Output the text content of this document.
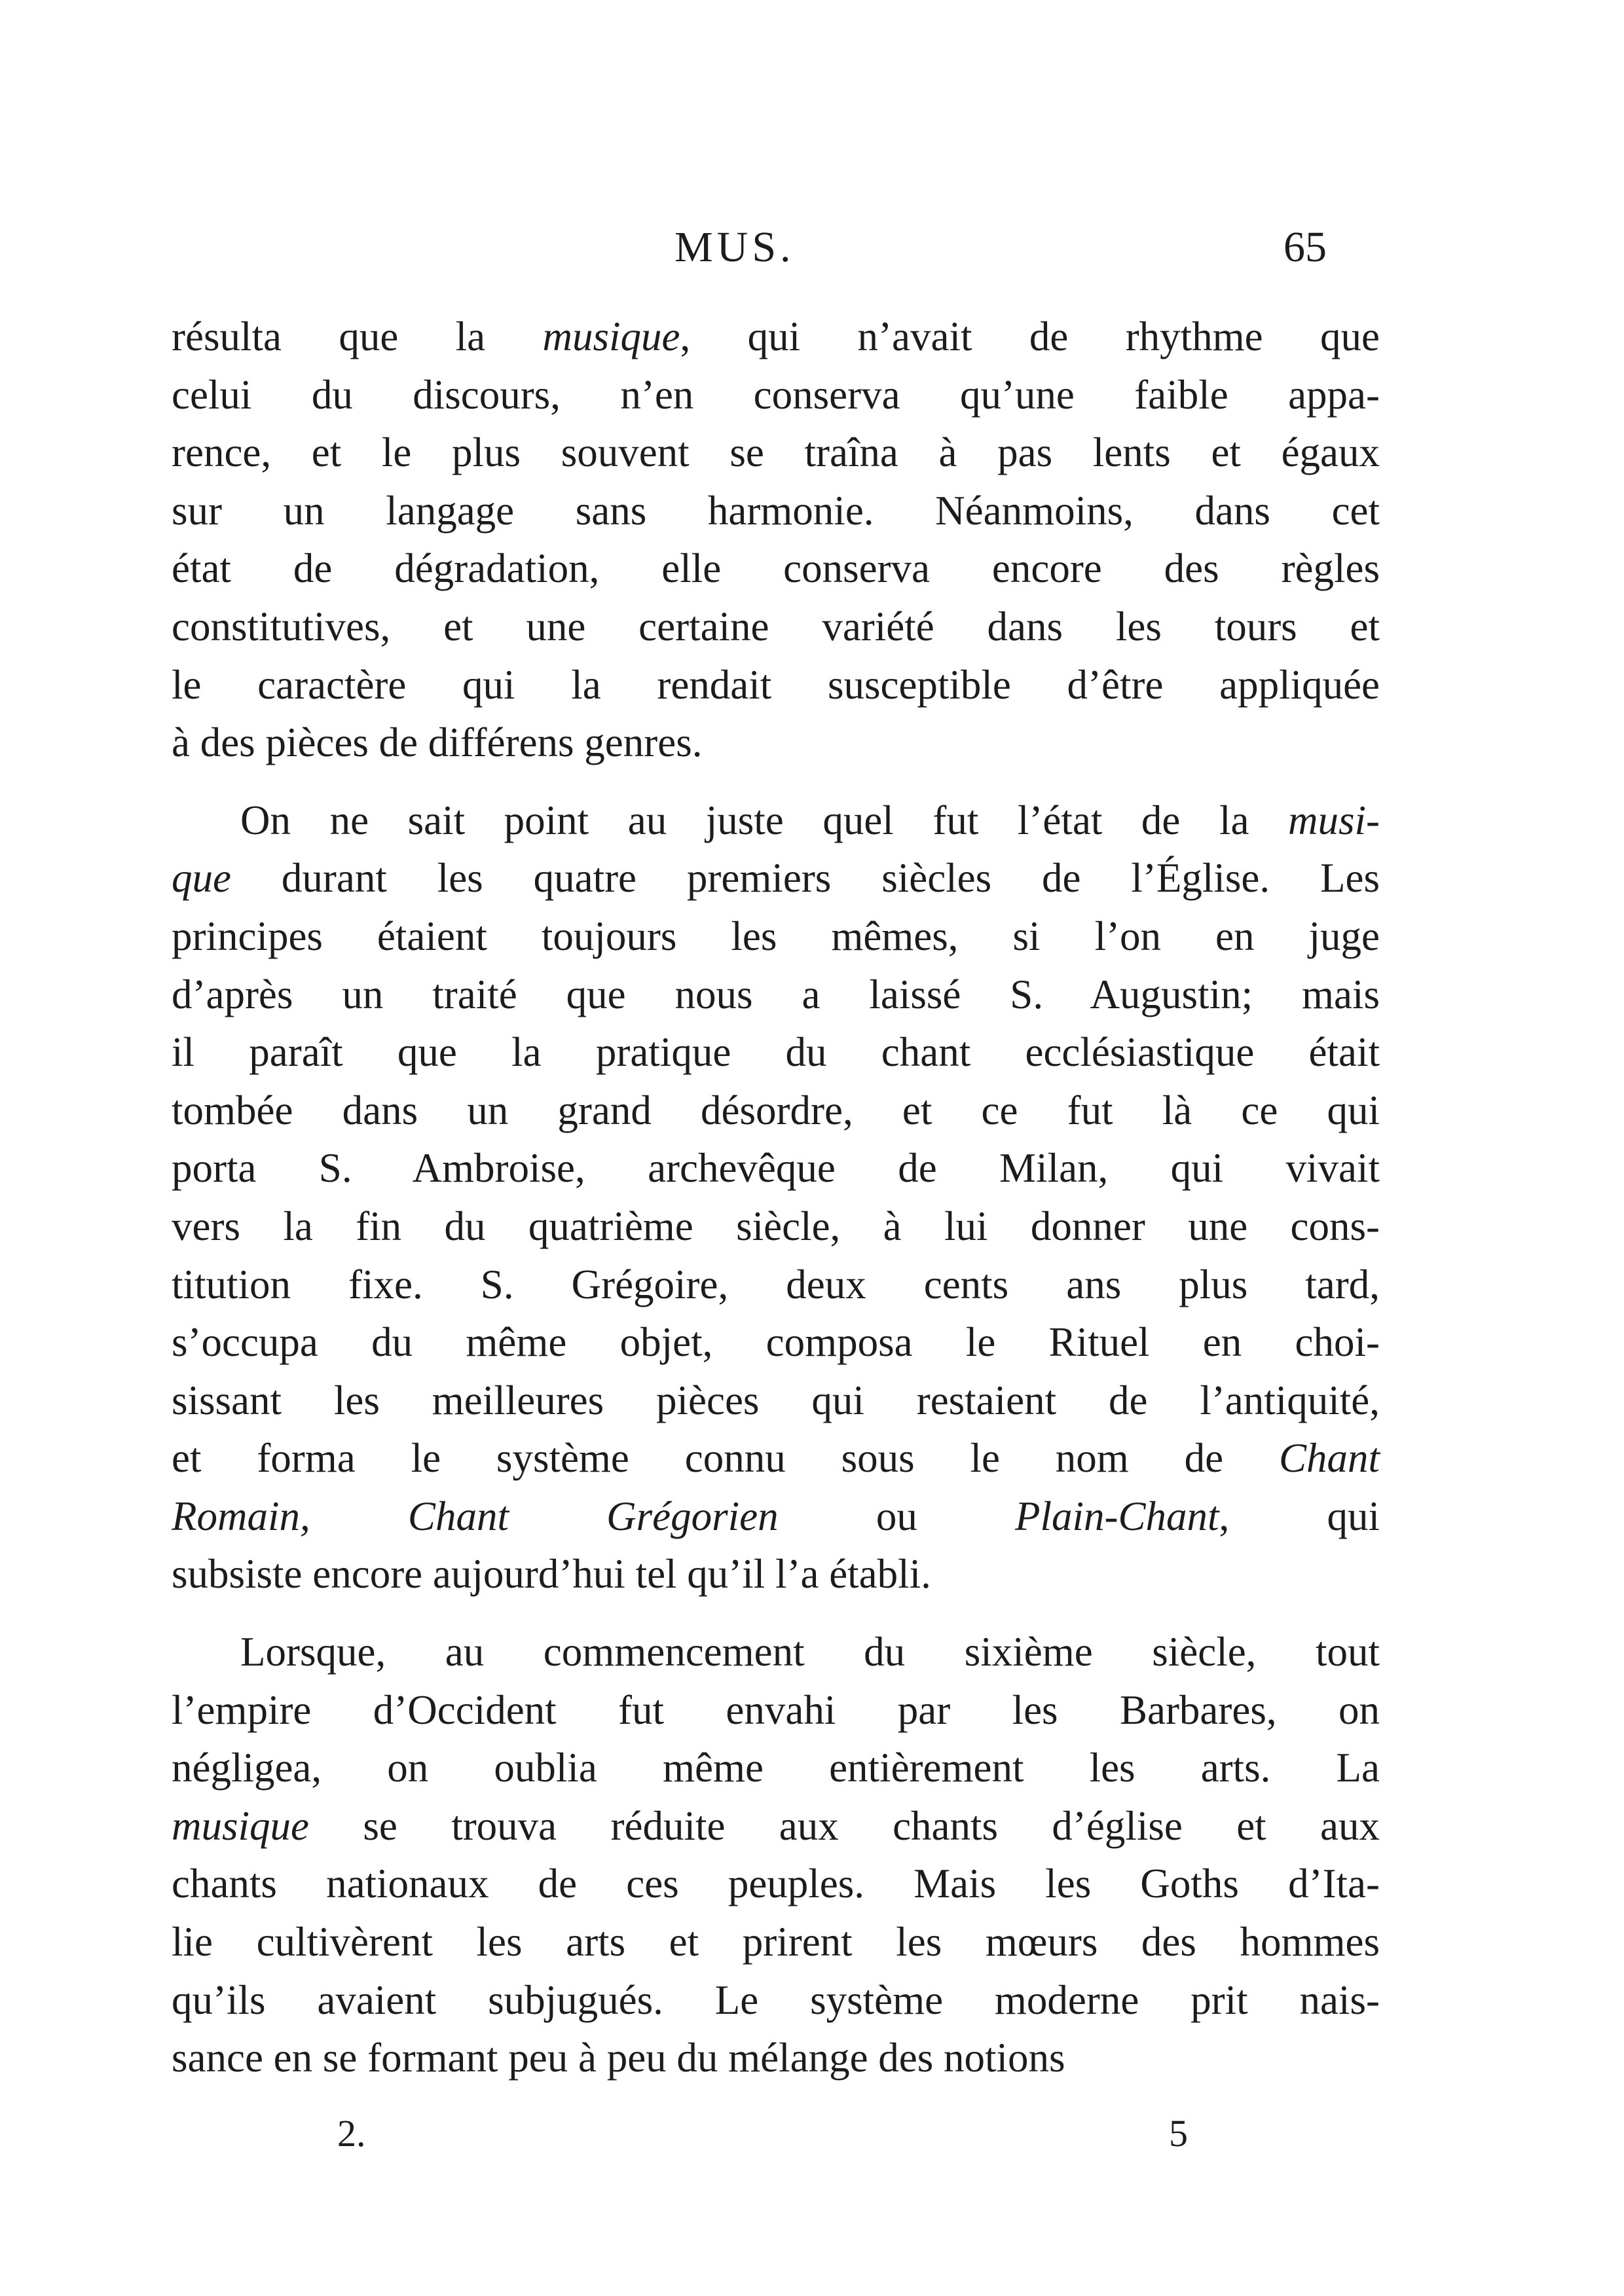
MUS.	65
résulta que la musique, qui n’avait de rhythme que
celui du discours, n’en conserva qu’une faible appa-
rence, et le plus souvent se traîna à pas lents et égaux
sur un langage sans harmonie. Néanmoins, dans cet
état de dégradation, elle conserva encore des règles
constitutives, et une certaine variété dans les tours et
le caractère qui la rendait susceptible d’être appliquée
à des pièces de différens genres.
On ne sait point au juste quel fut l’état de la musi-
que durant les quatre premiers siècles de l’Église. Les
principes étaient toujours les mêmes, si l’on en juge
d’après un traité que nous a laissé S. Augustin; mais
il paraît que la pratique du chant ecclésiastique était
tombée dans un grand désordre, et ce fut là ce qui
porta S. Ambroise, archevêque de Milan, qui vivait
vers la fin du quatrième siècle, à lui donner une cons-
titution fixe. S. Grégoire, deux cents ans plus tard,
s’occupa du même objet, composa le Rituel en choi-
sissant les meilleures pièces qui restaient de l’antiquité,
et forma le système connu sous le nom de Chant
Romain, Chant Grégorien ou Plain-Chant, qui
subsiste encore aujourd’hui tel qu’il l’a établi.
Lorsque, au commencement du sixième siècle, tout
l’empire d’Occident fut envahi par les Barbares, on
négligea, on oublia même entièrement les arts. La
musique se trouva réduite aux chants d’église et aux
chants nationaux de ces peuples. Mais les Goths d’Ita-
lie cultivèrent les arts et prirent les mœurs des hommes
qu’ils avaient subjugués. Le système moderne prit nais-
sance en se formant peu à peu du mélange des notions
2.	5
